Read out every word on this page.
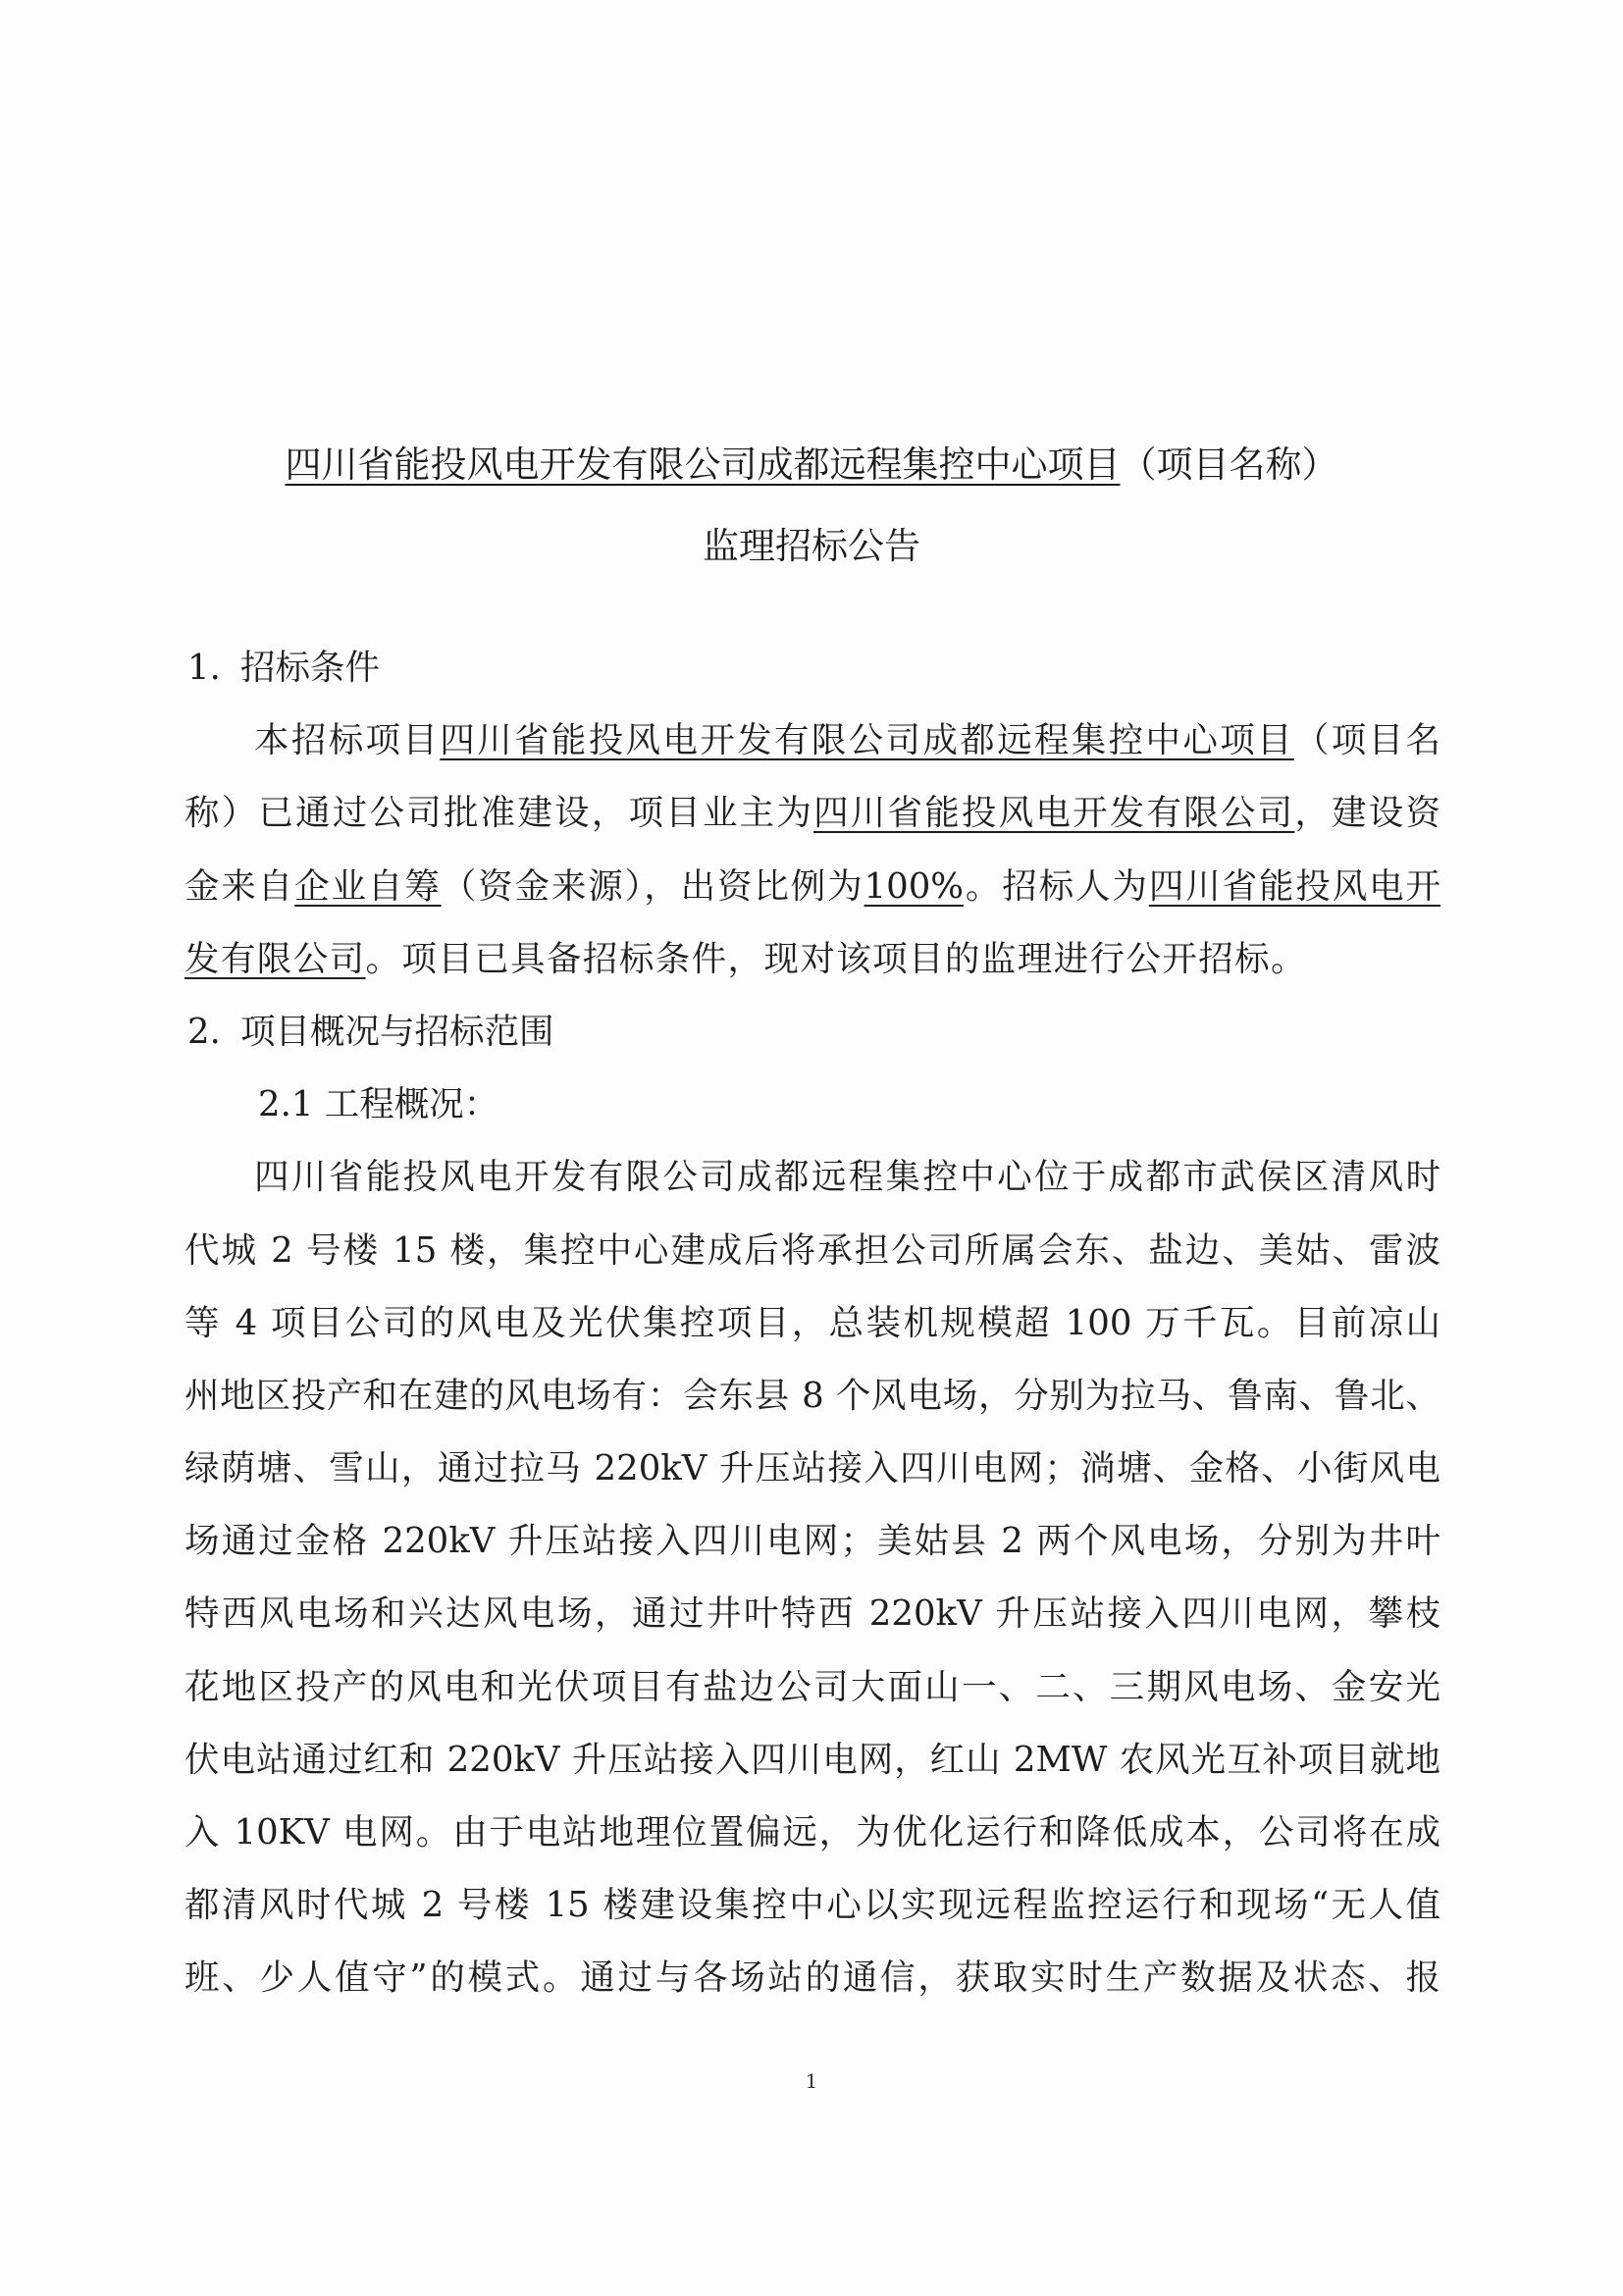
四川省能投风电开发有限公司成都远程集控中心项目（项目名称）
监理招标公告
1. 招标条件
本招标项目四川省能投风电开发有限公司成都远程集控中心项目（项目名
称）已通过公司批准建设，项目业主为四川省能投风电开发有限公司，建设资
金来自企业自筹（资金来源），出资比例为100%。招标人为四川省能投风电开
发有限公司。项目已具备招标条件，现对该项目的监理进行公开招标。
2. 项目概况与招标范围
2.1 工程概况：
四川省能投风电开发有限公司成都远程集控中心位于成都市武侯区清风时
代城 2 号楼 15 楼，集控中心建成后将承担公司所属会东、盐边、美姑、雷波
等 4 项目公司的风电及光伏集控项目，总装机规模超 100 万千瓦。目前凉山
州地区投产和在建的风电场有：会东县 8 个风电场，分别为拉马、鲁南、鲁北、
绿荫塘、雪山，通过拉马 220kV 升压站接入四川电网；淌塘、金格、小街风电
场通过金格 220kV 升压站接入四川电网；美姑县 2 两个风电场，分别为井叶
特西风电场和兴达风电场，通过井叶特西 220kV 升压站接入四川电网，攀枝
花地区投产的风电和光伏项目有盐边公司大面山一、二、三期风电场、金安光
伏电站通过红和 220kV 升压站接入四川电网，红山 2MW 农风光互补项目就地
入 10KV 电网。由于电站地理位置偏远，为优化运行和降低成本，公司将在成
都清风时代城 2 号楼 15 楼建设集控中心以实现远程监控运行和现场“无人值
班、少人值守”的模式。通过与各场站的通信，获取实时生产数据及状态、报
1
